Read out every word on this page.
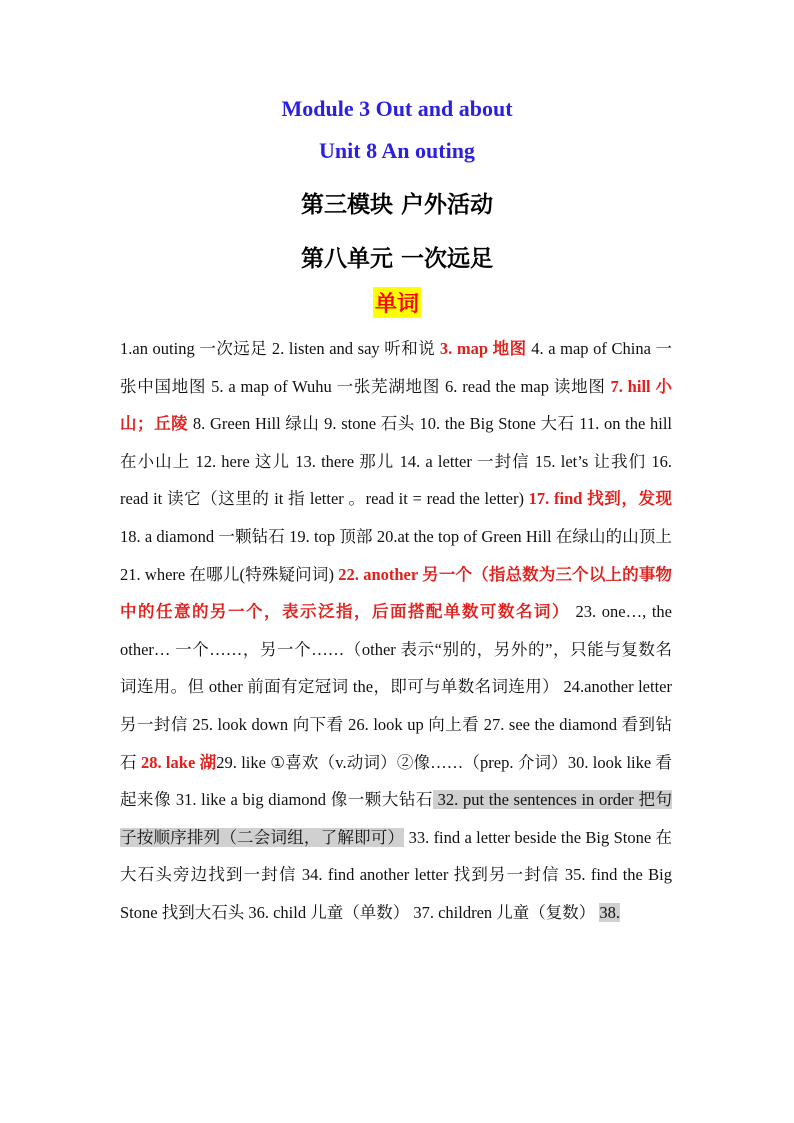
Module 3 Out and about
Unit 8 An outing
第三模块 户外活动
第八单元 一次远足
单词
1.an outing 一次远足 2. listen and say 听和说 3. map 地图 4. a map of China 一张中国地图 5. a map of Wuhu 一张芜湖地图 6. read the map 读地图 7. hill 小山；丘陵 8. Green Hill 绿山 9. stone 石头 10. the Big Stone 大石 11. on the hill 在小山上 12. here 这儿 13. there 那儿 14. a letter 一封信 15. let’s 让我们 16. read it 读它（这里的 it 指 letter 。read it = read the letter) 17. find 找到，发现 18. a diamond 一颗钻石 19. top 顶部 20.at the top of Green Hill 在绿山的山顶上 21. where 在哪儿(特殊疑问词) 22. another 另一个（指总数为三个以上的事物中的任意的另一个，表示泛指，后面搭配单数可数名词） 23. one…, the other… 一个……，另一个……（other 表示“别的，另外的”，只能与复数名词连用。但 other 前面有定冠词 the，即可与单数名词连用） 24.another letter 另一封信 25. look down 向下看 26. look up 向上看 27. see the diamond 看到钻石 28. lake 湖29. like ①喜欢（v.动词）②像……（prep. 介词）30. look like 看起来像 31. like a big diamond 像一颗大钻石 32. put the sentences in order 把句子按顺序排列（二会词组，了解即可） 33. find a letter beside the Big Stone 在大石头旁边找到一封信 34. find another letter 找到另一封信 35. find the Big Stone 找到大石头 36. child 儿童（单数） 37. children 儿童（复数） 38.
